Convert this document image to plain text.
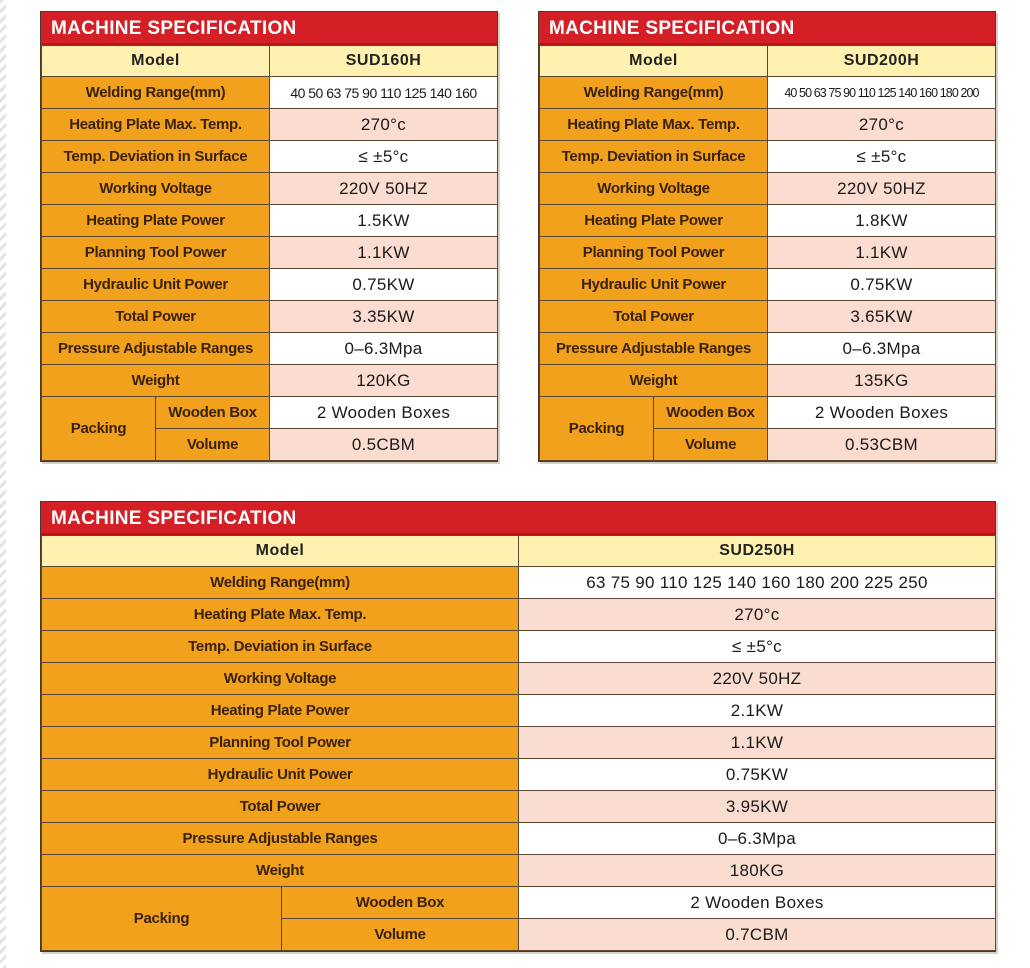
MACHINE SPECIFICATION
Model		SUD160H
Welding Range(mm)		40 50 63 75 90 110 125 140 160
Heating Plate Max. Temp.		270°c
Temp. Deviation in Surface		≤ ±5°c
Working Voltage		220V 50HZ
Heating Plate Power		1.5KW
Planning Tool Power		1.1KW
Hydraulic Unit Power		0.75KW
Total Power		3.35KW
Pressure Adjustable Ranges		0–6.3Mpa
Weight		120KG
Packing	Wooden Box	2 Wooden Boxes
	Volume	0.5CBM
MACHINE SPECIFICATION
Model		SUD200H
Welding Range(mm)		40 50 63 75 90 110 125 140 160 180 200
Heating Plate Max. Temp.		270°c
Temp. Deviation in Surface		≤ ±5°c
Working Voltage		220V 50HZ
Heating Plate Power		1.8KW
Planning Tool Power		1.1KW
Hydraulic Unit Power		0.75KW
Total Power		3.65KW
Pressure Adjustable Ranges		0–6.3Mpa
Weight		135KG
Packing	Wooden Box	2 Wooden Boxes
	Volume	0.53CBM
MACHINE SPECIFICATION
Model		SUD250H
Welding Range(mm)		63 75 90 110 125 140 160 180 200 225 250
Heating Plate Max. Temp.		270°c
Temp. Deviation in Surface		≤ ±5°c
Working Voltage		220V 50HZ
Heating Plate Power		2.1KW
Planning Tool Power		1.1KW
Hydraulic Unit Power		0.75KW
Total Power		3.95KW
Pressure Adjustable Ranges		0–6.3Mpa
Weight		180KG
Packing	Wooden Box	2 Wooden Boxes
	Volume	0.7CBM
